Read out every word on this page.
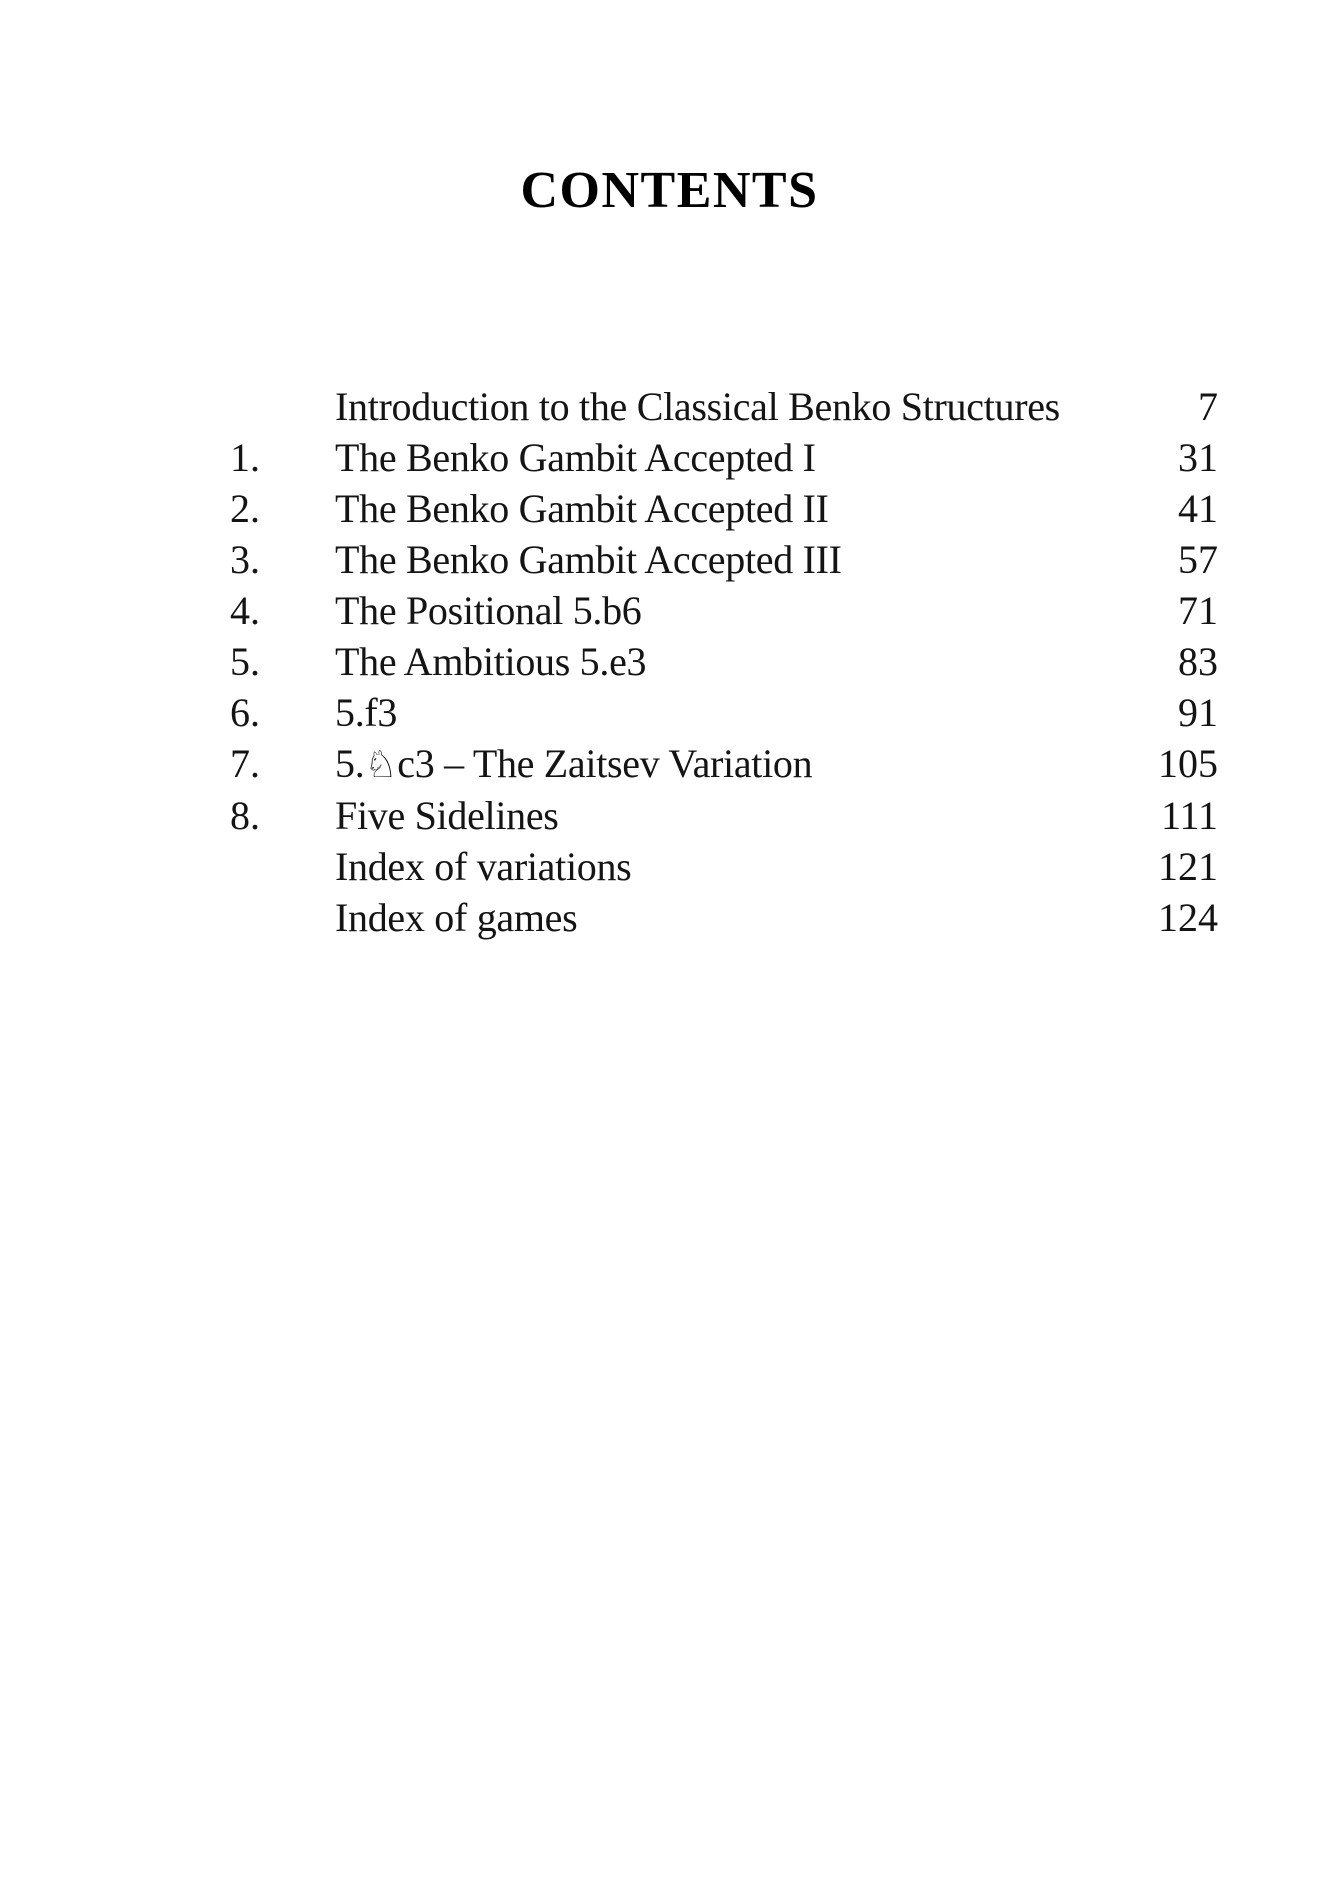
CONTENTS
Introduction to the Classical Benko Structures	7
1.	The Benko Gambit Accepted I	31
2.	The Benko Gambit Accepted II	41
3.	The Benko Gambit Accepted III	57
4.	The Positional 5.b6	71
5.	The Ambitious 5.e3	83
6.	5.f3	91
7.	5.♘c3 – The Zaitsev Variation	105
8.	Five Sidelines	111
Index of variations	121
Index of games	124
